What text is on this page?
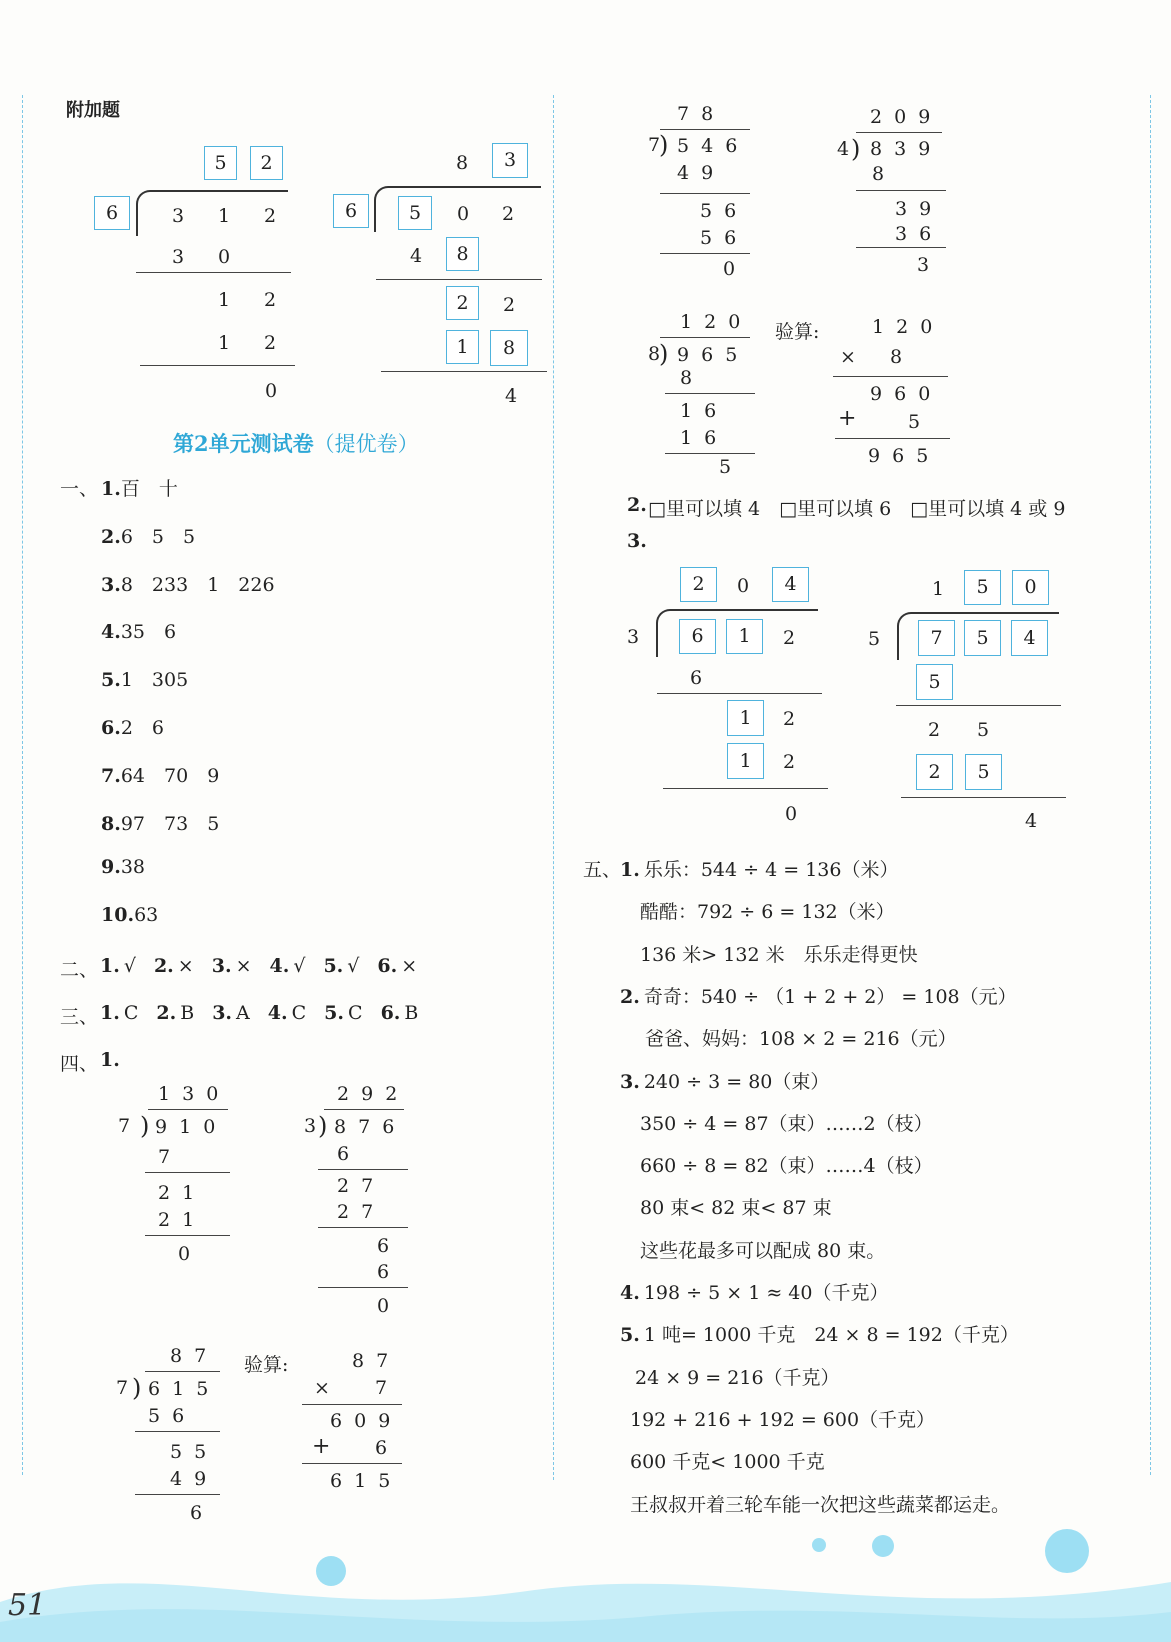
附加题
5	2
6	3 1 2
3 0
1 2
1 2
0
8	3
6	5	0 2
4	8
2	2
1	8
4
第2单元测试卷（提优卷）
一、 1.百　十
2.6　5　5
3.8　233　1　226
4.35　6
5.1　305
6.2　6
7.64　70　9
8.97　73　5
9.38
10.63
二、 1. √ 2. × 3. × 4. √ 5. √ 6. ×
三、 1. C 2. B 3. A 4. C 5. C 6. B
四、 1.
1 3 0
7 ) 9 1 0
7
2 1
2 1
0
2 9 2
3 ) 8 7 6
6
2 7
2 7
6
6
0
8 7
7 ) 6 1 5
5 6
5 5
4 9
6
验算:	8 7
× 7
6 0 9
+ 6
6 1 5
7 8
7
) 5 4 6
4 9
5 6
5 6
0
2 0 9
4 ) 8 3 9
8
3 9
3 6
3
1 2 0
8
) 9 6 5
8
1 6
1 6
5
验算:	1 2 0
× 8
9 6 0
+	5
9 6 5
2. □里可以填 4　□里可以填 6　□里可以填 4 或 9
3.
2	0	4
3	6	1	2
6
1	2
1	2
0
1	5	0
5	7	5	4
5
2 5
2	5
4
五、
1. 乐乐：544 ÷ 4 = 136（米）
酷酷：792 ÷ 6 = 132（米）
136 米> 132 米　乐乐走得更快
2. 奇奇：540 ÷ （1 + 2 + 2） = 108（元）
爸爸、妈妈：108 × 2 = 216（元）
3. 240 ÷ 3 = 80（束）
350 ÷ 4 = 87（束）……2（枝）
660 ÷ 8 = 82（束）……4（枝）
80 束< 82 束< 87 束
这些花最多可以配成 80 束。
4. 198 ÷ 5 × 1 ≈ 40（千克）
5. 1 吨= 1000 千克　24 × 8 = 192（千克）
24 × 9 = 216（千克）
192 + 216 + 192 = 600（千克）
600 千克< 1000 千克
王叔叔开着三轮车能一次把这些蔬菜都运走。
51
